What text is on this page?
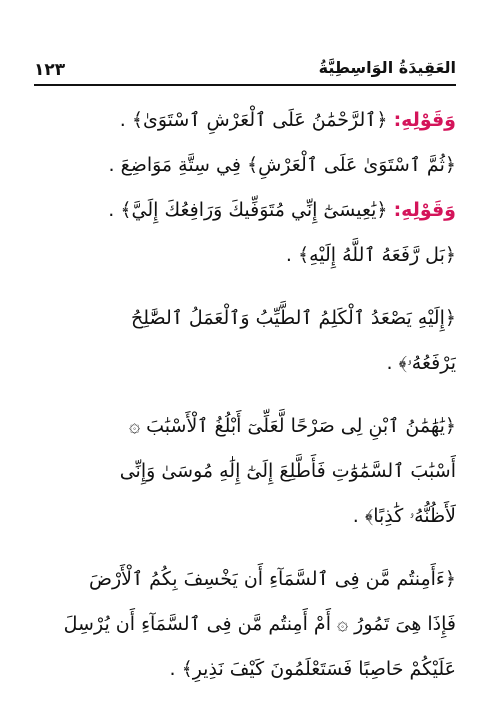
١٢٣	العَقِيدَةُ الوَاسِطِيَّةُ
وَقَوْلِهِ: ﴿ٱلرَّحْمَٰنُ عَلَى ٱلْعَرْشِ ٱسْتَوَىٰ﴾ .
﴿ثُمَّ ٱسْتَوَىٰ عَلَى ٱلْعَرْشِ﴾ فِي سِتَّةِ مَوَاضِعَ .
وَقَوْلِهِ: ﴿يَٰعِيسَىٰٓ إِنِّي مُتَوَفِّيكَ وَرَافِعُكَ إِلَيَّ﴾ .
﴿بَل رَّفَعَهُ ٱللَّهُ إِلَيْهِ﴾ .
﴿إِلَيْهِ يَصْعَدُ ٱلْكَلِمُ ٱلطَّيِّبُ وَٱلْعَمَلُ ٱلصَّٰلِحُ
يَرْفَعُهُۥ﴾ .
﴿يَٰهَٰمَٰنُ ٱبْنِ لِى صَرْحًا لَّعَلِّىٓ أَبْلُغُ ٱلْأَسْبَٰبَ ۞
أَسْبَٰبَ ٱلسَّمَٰوَٰتِ فَأَطَّلِعَ إِلَىٰٓ إِلَٰهِ مُوسَىٰ وَإِنِّى
لَأَظُنُّهُۥ كَٰذِبًا﴾ .
﴿ءَأَمِنتُم مَّن فِى ٱلسَّمَآءِ أَن يَخْسِفَ بِكُمُ ٱلْأَرْضَ
فَإِذَا هِىَ تَمُورُ ۞ أَمْ أَمِنتُم مَّن فِى ٱلسَّمَآءِ أَن يُرْسِلَ
عَلَيْكُمْ حَاصِبًا فَسَتَعْلَمُونَ كَيْفَ نَذِيرِ﴾ .
